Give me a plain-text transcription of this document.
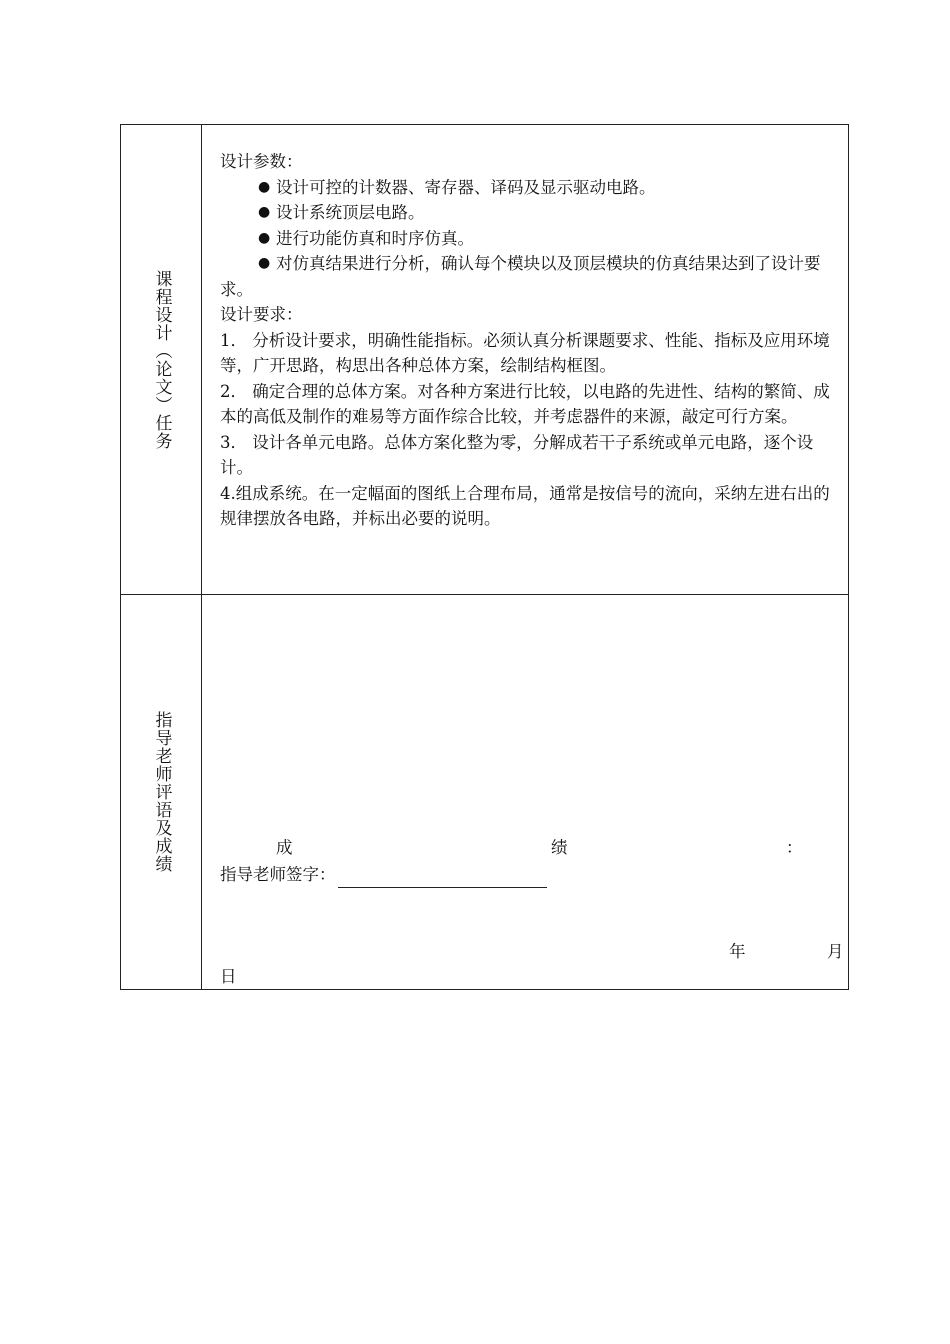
课程设计（论文）任务

设计参数：

● 设计可控的计数器、寄存器、译码及显示驱动电路。
● 设计系统顶层电路。
● 进行功能仿真和时序仿真。
● 对仿真结果进行分析，确认每个模块以及顶层模块的仿真结果达到了设计要求。

设计要求：

1． 分析设计要求，明确性能指标。必须认真分析课题要求、性能、指标及应用环境等，广开思路，构思出各种总体方案，绘制结构框图。

2． 确定合理的总体方案。对各种方案进行比较，以电路的先进性、结构的繁简、成本的高低及制作的难易等方面作综合比较，并考虑器件的来源，敲定可行方案。

3． 设计各单元电路。总体方案化整为零，分解成若干子系统或单元电路，逐个设计。

4.组成系统。在一定幅面的图纸上合理布局，通常是按信号的流向，采纳左进右出的规律摆放各电路，并标出必要的说明。

指导老师评语及成绩	成	绩	：
指导老师签字：
年	月
日
